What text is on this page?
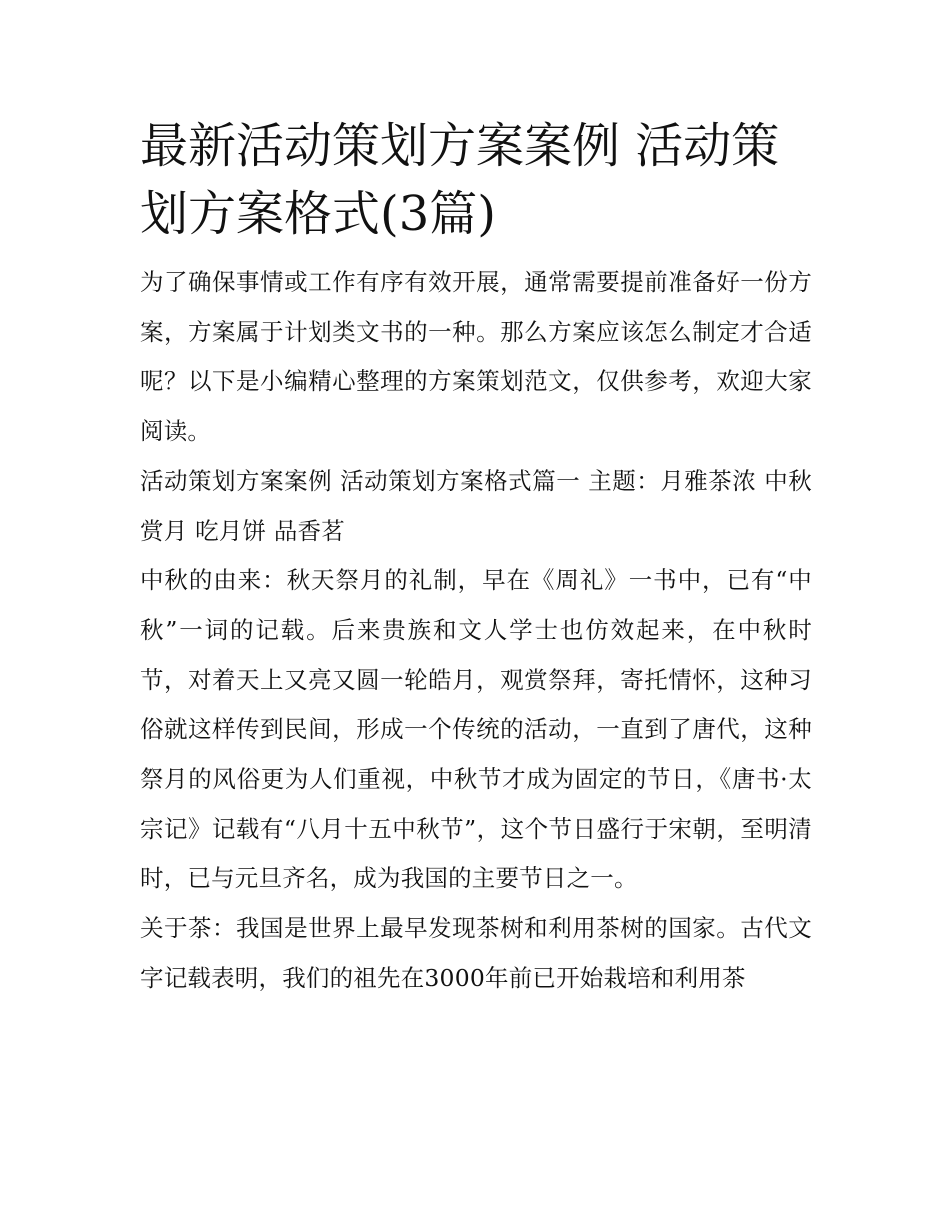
最新活动策划方案案例 活动策划方案格式(3篇)

为了确保事情或工作有序有效开展，通常需要提前准备好一份方案，方案属于计划类文书的一种。那么方案应该怎么制定才合适呢？以下是小编精心整理的方案策划范文，仅供参考，欢迎大家阅读。

活动策划方案案例 活动策划方案格式篇一 主题：月雅茶浓 中秋赏月 吃月饼 品香茗

中秋的由来：秋天祭月的礼制，早在《周礼》一书中，已有“中秋”一词的记载。后来贵族和文人学士也仿效起来，在中秋时节，对着天上又亮又圆一轮皓月，观赏祭拜，寄托情怀，这种习俗就这样传到民间，形成一个传统的活动，一直到了唐代，这种祭月的风俗更为人们重视，中秋节才成为固定的节日，《唐书·太宗记》记载有“八月十五中秋节”，这个节日盛行于宋朝，至明清时，已与元旦齐名，成为我国的主要节日之一。

关于茶：我国是世界上最早发现茶树和利用茶树的国家。古代文字记载表明，我们的祖先在3000年前已开始栽培和利用茶
